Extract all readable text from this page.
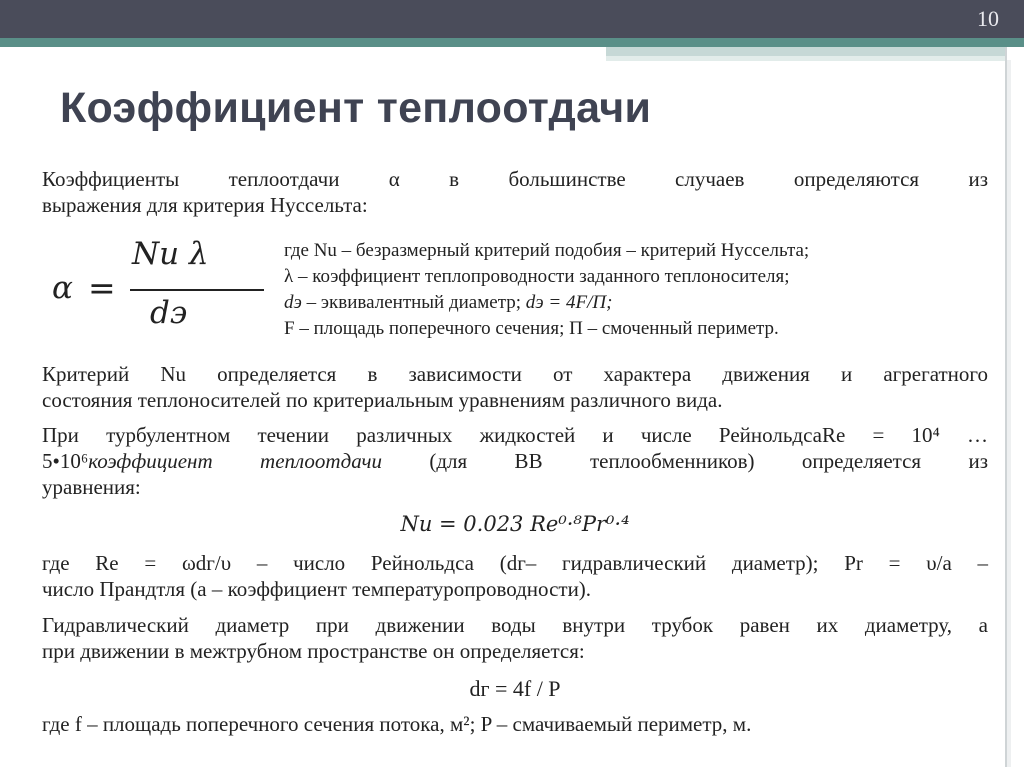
10
Коэффициент теплоотдачи
Коэффициенты теплоотдачи α в большинстве случаев определяются из
выражения для критерия Нуссельта:
α =
Nu λ
dэ
где Nu – безразмерный критерий подобия – критерий Нуссельта;
λ – коэффициент теплопроводности заданного теплоносителя;
dэ – эквивалентный диаметр; dэ = 4F/П;
F – площадь поперечного сечения; П – смоченный периметр.
Критерий Nu определяется в зависимости от характера движения и агрегатного
состояния теплоносителей по критериальным уравнениям различного вида.
При турбулентном течении различных жидкостей и числе РейнольдсаRe = 10⁴ …
5•10⁶коэффициент теплоотдачи (для ВВ теплообменников) определяется из
уравнения:
Nu = 0.023 Re⁰·⁸Pr⁰·⁴
где Re = ωdг/υ – число Рейнольдса (dг– гидравлический диаметр); Pr = υ/a –
число Прандтля (a – коэффициент температуропроводности).
Гидравлический диаметр при движении воды внутри трубок равен их диаметру, а
при движении в межтрубном пространстве он определяется:
dг = 4f / P
где f – площадь поперечного сечения потока, м²; P – смачиваемый периметр, м.
